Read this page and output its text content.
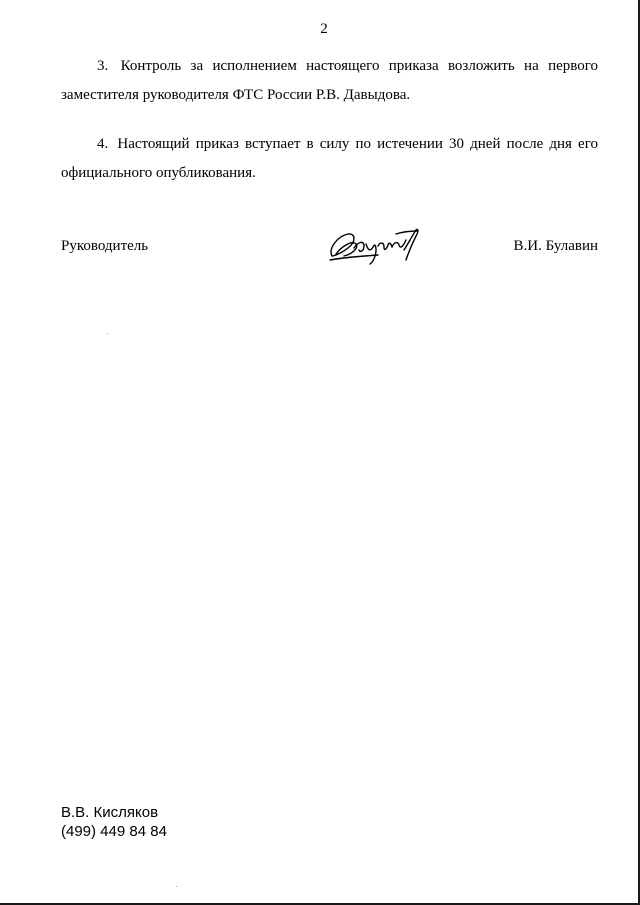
2
3. Контроль за исполнением настоящего приказа возложить на первого
заместителя руководителя ФТС России Р.В. Давыдова.
4. Настоящий приказ вступает в силу по истечении 30 дней после дня его
официального опубликования.
Руководитель	В.И. Булавин
В.В. Кисляков
(499) 449 84 84
